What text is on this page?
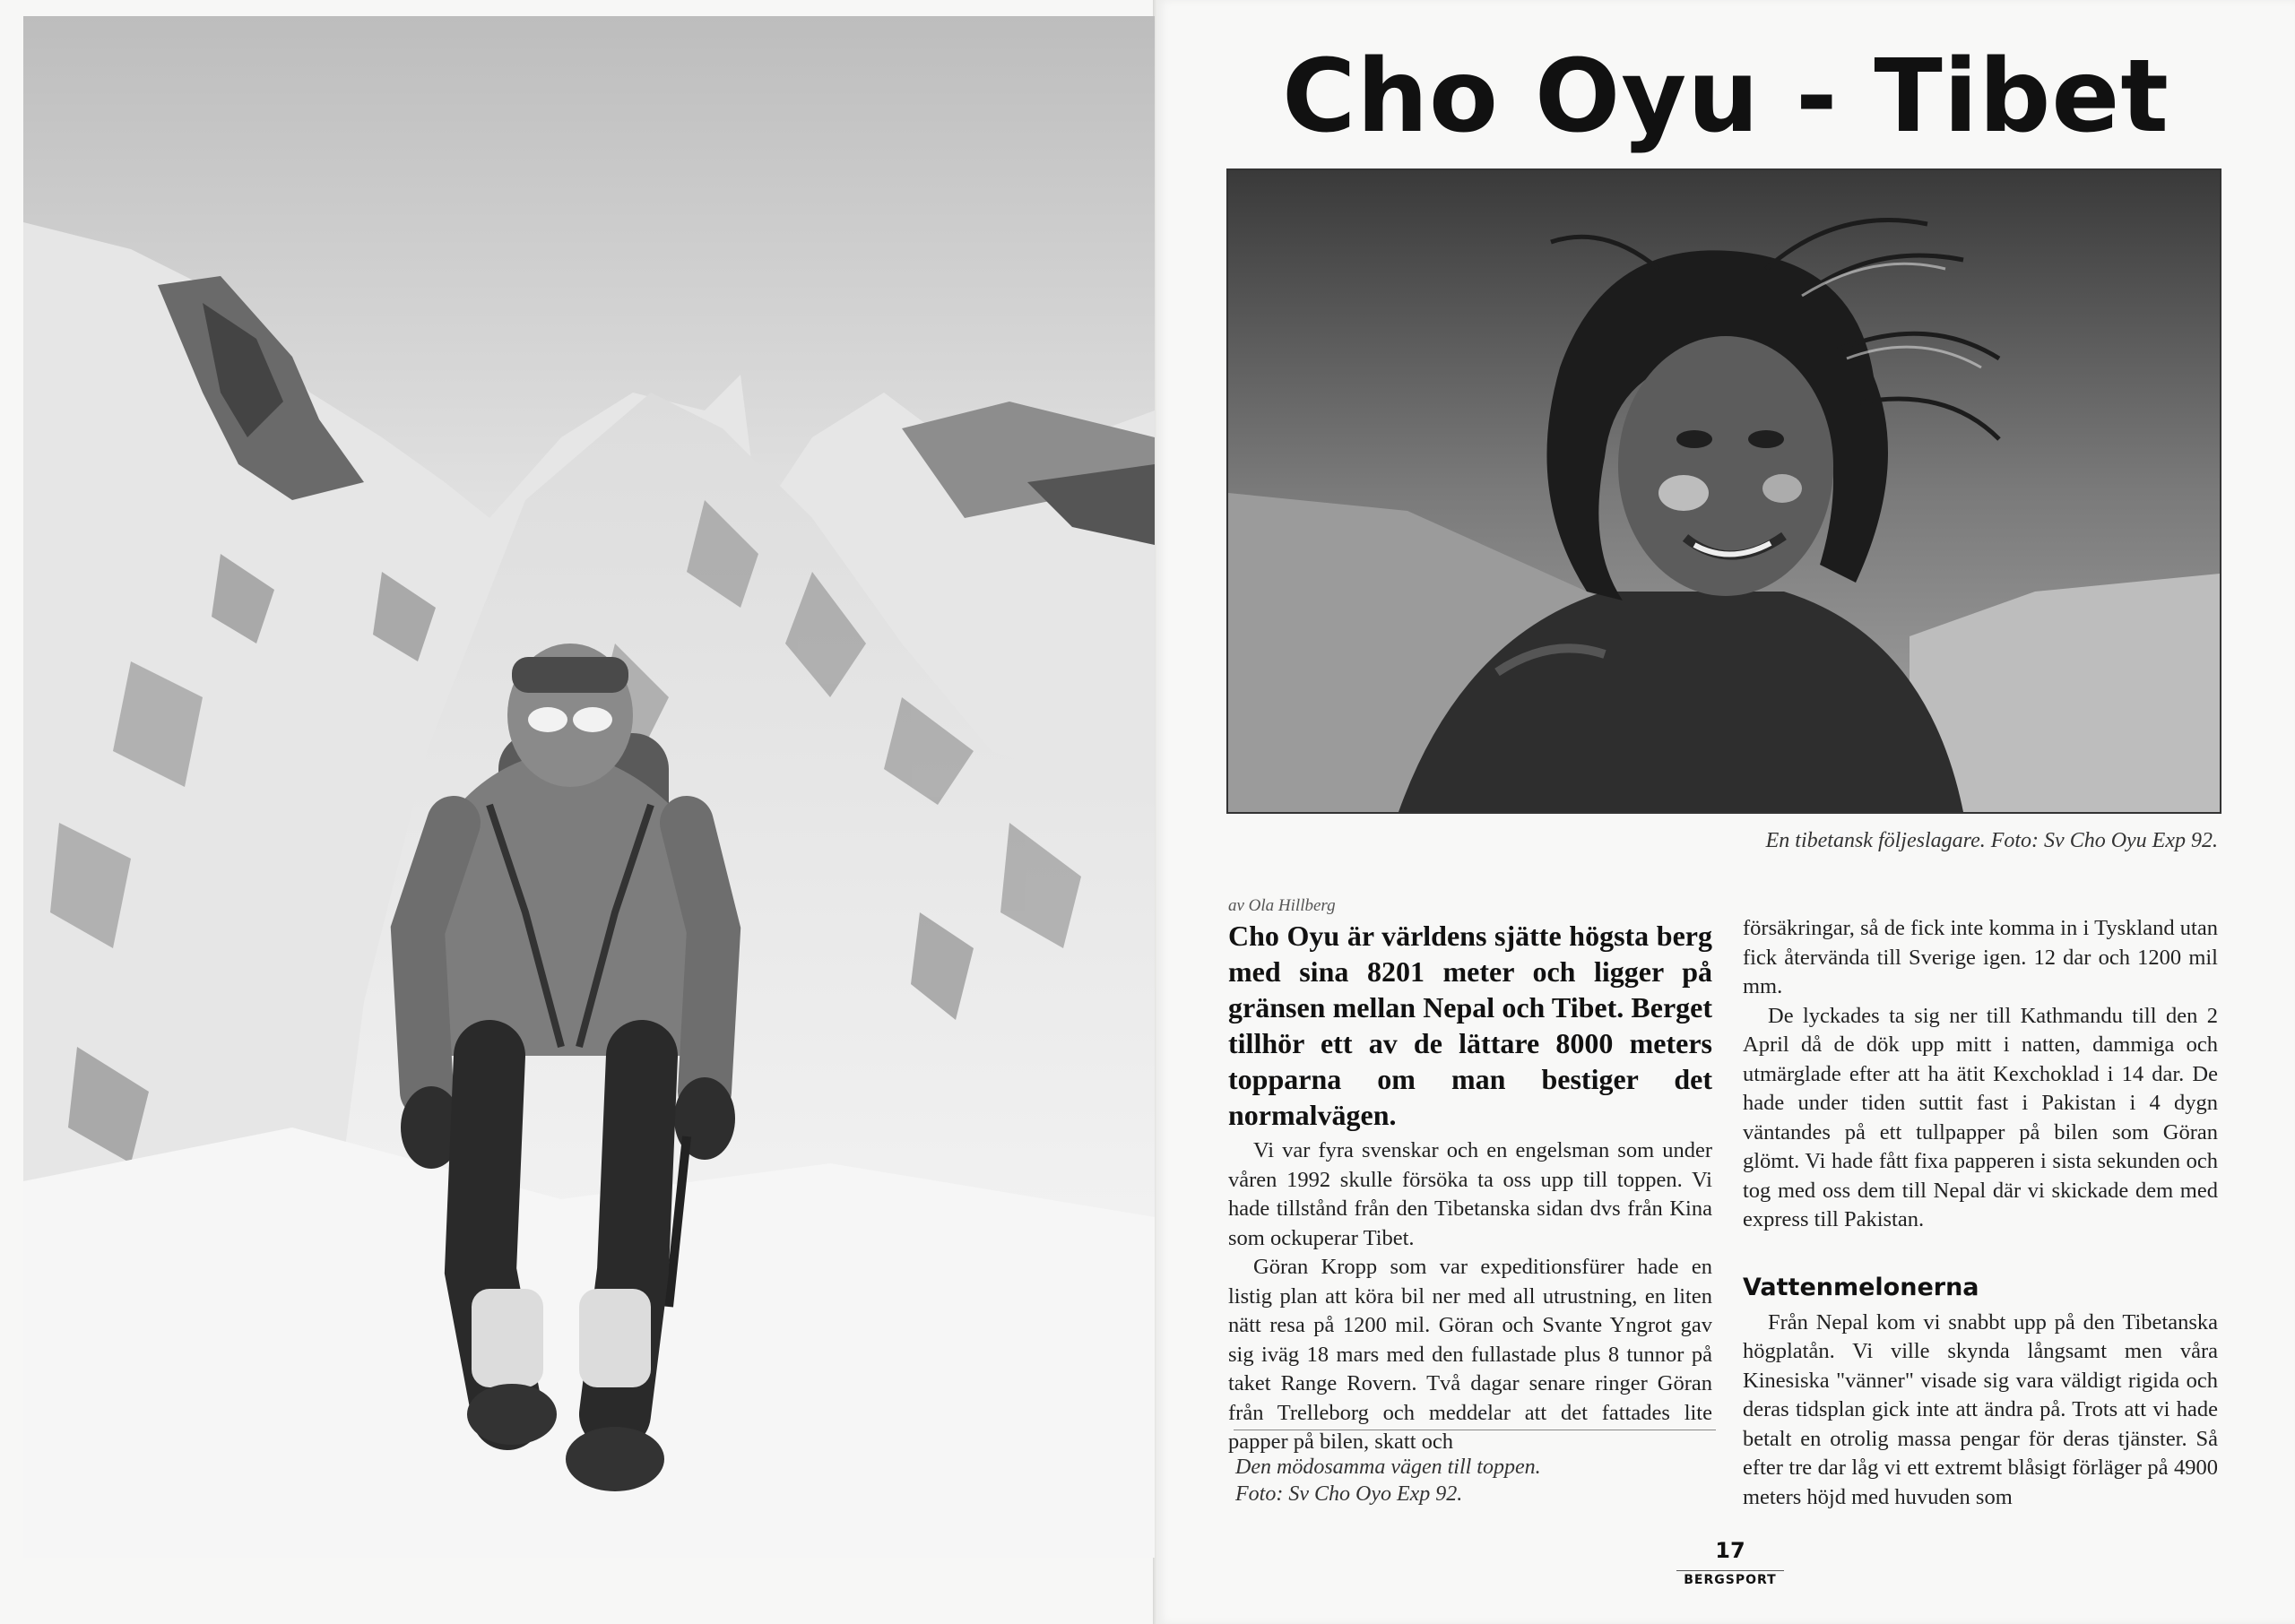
Cho Oyu - Tibet
En tibetansk följeslagare. Foto: Sv Cho Oyu Exp 92.
av Ola Hillberg

Cho Oyu är världens sjätte högsta berg med sina 8201 meter och ligger på gränsen mellan Nepal och Tibet. Berget tillhör ett av de lättare 8000 meters topparna om man bestiger det normalvägen.

Vi var fyra svenskar och en engelsman som under våren 1992 skulle försöka ta oss upp till toppen. Vi hade tillstånd från den Tibetanska sidan dvs från Kina som ockuperar Tibet.

Göran Kropp som var expeditionsfürer hade en listig plan att köra bil ner med all utrustning, en liten nätt resa på 1200 mil. Göran och Svante Yngrot gav sig iväg 18 mars med den fullastade plus 8 tunnor på taket Range Rovern. Två dagar senare ringer Göran från Trelleborg och meddelar att det fattades lite papper på bilen, skatt och

Den mödosamma vägen till toppen.
Foto: Sv Cho Oyo Exp 92.

försäkringar, så de fick inte komma in i Tyskland utan fick återvända till Sverige igen. 12 dar och 1200 mil mm.

De lyckades ta sig ner till Kathmandu till den 2 April då de dök upp mitt i natten, dammiga och utmärglade efter att ha ätit Kexchoklad i 14 dar. De hade under tiden suttit fast i Pakistan i 4 dygn väntandes på ett tullpapper på bilen som Göran glömt. Vi hade fått fixa papperen i sista sekunden och tog med oss dem till Nepal där vi skickade dem med express till Pakistan.

Vattenmelonerna

Från Nepal kom vi snabbt upp på den Tibetanska högplatån. Vi ville skynda långsamt men våra Kinesiska "vänner" visade sig vara väldigt rigida och deras tidsplan gick inte att ändra på. Trots att vi hade betalt en otrolig massa pengar för deras tjänster. Så efter tre dar låg vi ett extremt blåsigt förläger på 4900 meters höjd med huvuden som

17
BERGSPORT
